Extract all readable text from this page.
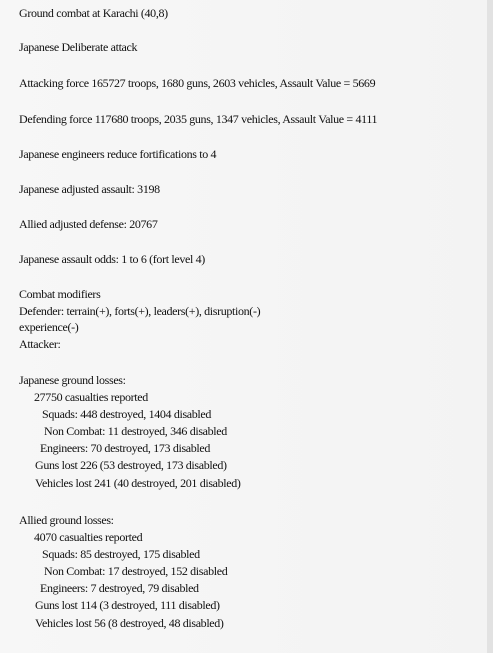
Ground combat at Karachi (40,8)
Japanese Deliberate attack
Attacking force 165727 troops, 1680 guns, 2603 vehicles, Assault Value = 5669
Defending force 117680 troops, 2035 guns, 1347 vehicles, Assault Value = 4111
Japanese engineers reduce fortifications to 4
Japanese adjusted assault: 3198
Allied adjusted defense: 20767
Japanese assault odds: 1 to 6 (fort level 4)
Combat modifiers
Defender: terrain(+), forts(+), leaders(+), disruption(-)
experience(-)
Attacker:
Japanese ground losses:
27750 casualties reported
Squads: 448 destroyed, 1404 disabled
Non Combat: 11 destroyed, 346 disabled
Engineers: 70 destroyed, 173 disabled
Guns lost 226 (53 destroyed, 173 disabled)
Vehicles lost 241 (40 destroyed, 201 disabled)
Allied ground losses:
4070 casualties reported
Squads: 85 destroyed, 175 disabled
Non Combat: 17 destroyed, 152 disabled
Engineers: 7 destroyed, 79 disabled
Guns lost 114 (3 destroyed, 111 disabled)
Vehicles lost 56 (8 destroyed, 48 disabled)
